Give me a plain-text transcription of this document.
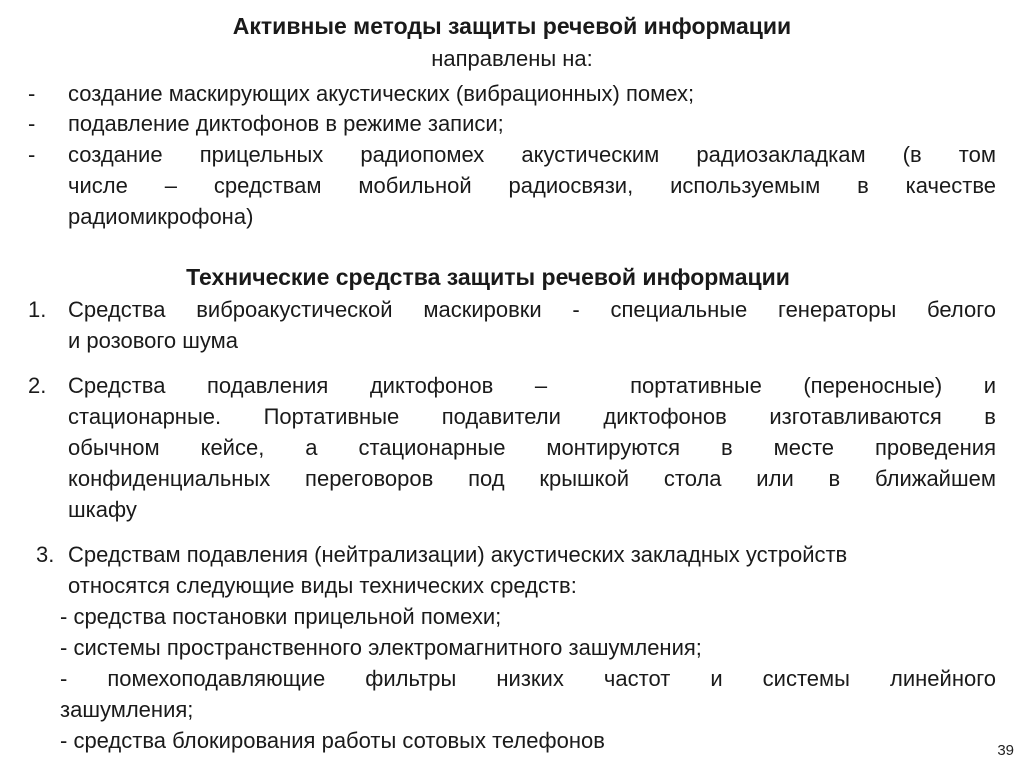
Активные методы защиты речевой информации
направлены на:
- создание маскирующих акустических (вибрационных) помех;
- подавление диктофонов в режиме записи;
- создание прицельных радиопомех акустическим радиозакладкам (в том
числе – средствам мобильной радиосвязи, используемым в качестве
радиомикрофона)
Технические средства защиты речевой информации
1. Средства виброакустической маскировки - специальные генераторы белого
и розового шума
2. Средства подавления диктофонов –  портативные (переносные) и
стационарные. Портативные подавители диктофонов изготавливаются в
обычном кейсе, а стационарные монтируются в месте проведения
конфиденциальных переговоров под крышкой стола или в ближайшем
шкафу
3. Средствам подавления (нейтрализации) акустических закладных устройств
относятся следующие виды технических средств:
- средства постановки прицельной помехи;
- системы пространственного электромагнитного зашумления;
- помехоподавляющие фильтры низких частот и системы линейного
зашумления;
- средства блокирования работы сотовых телефонов	39
